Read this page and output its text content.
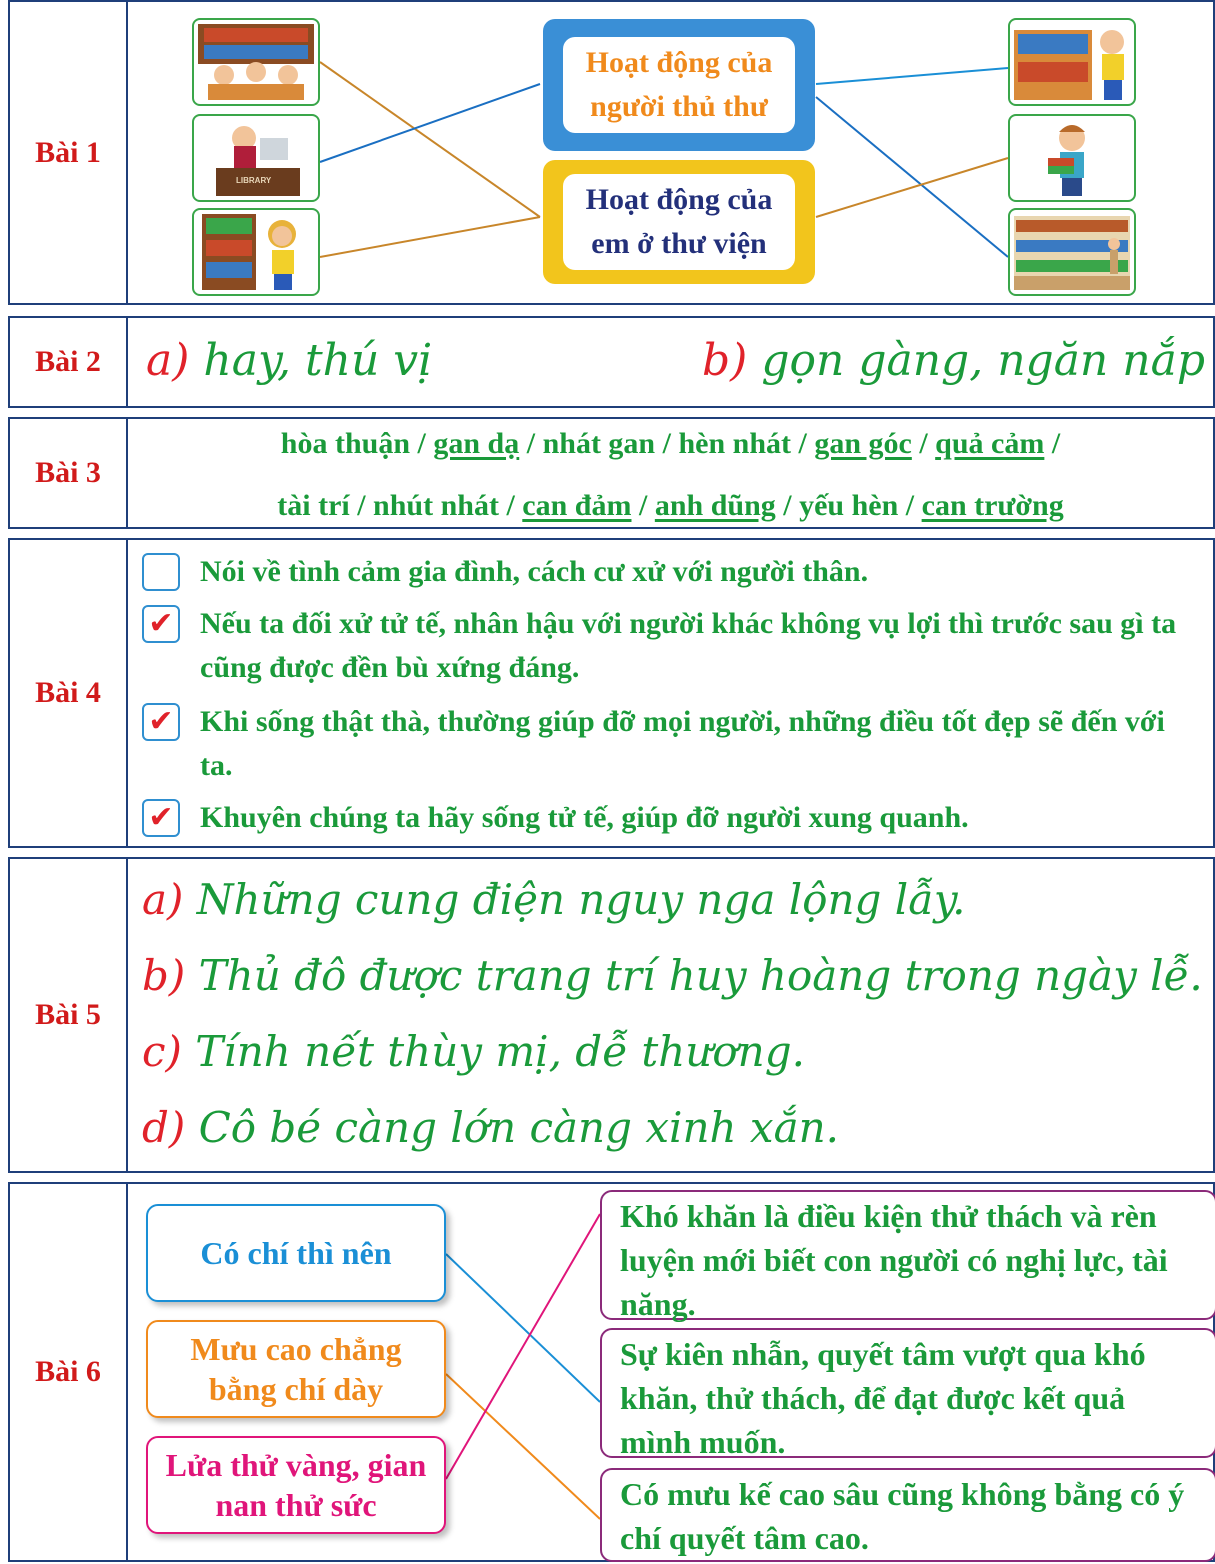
Bài 1
LIBRARY
Hoạt động của người thủ thư
Hoạt động của em ở thư viện
Bài 2	a) hay, thú vị	b) gọn gàng, ngăn nắp
Bài 3
hòa thuận / gan dạ / nhát gan / hèn nhát / gan góc / quả cảm /
tài trí / nhút nhát / can đảm / anh dũng / yếu hèn / can trường
Bài 4
Nói về tình cảm gia đình, cách cư xử với người thân.
✔ Nếu ta đối xử tử tế, nhân hậu với người khác không vụ lợi thì trước sau gì ta cũng được đền bù xứng đáng.
✔ Khi sống thật thà, thường giúp đỡ mọi người, những điều tốt đẹp sẽ đến với ta.
✔ Khuyên chúng ta hãy sống tử tế, giúp đỡ người xung quanh.
Bài 5
a) Những cung điện nguy nga lộng lẫy.
b) Thủ đô được trang trí huy hoàng trong ngày lễ.
c) Tính nết thùy mị, dễ thương.
d) Cô bé càng lớn càng xinh xắn.
Bài 6
Có chí thì nên
Mưu cao chẳng bằng chí dày
Lửa thử vàng, gian nan thử sức
Khó khăn là điều kiện thử thách và rèn luyện mới biết con người có nghị lực, tài năng.
Sự kiên nhẫn, quyết tâm vượt qua khó khăn, thử thách, để đạt được kết quả mình muốn.
Có mưu kế cao sâu cũng không bằng có ý chí quyết tâm cao.
